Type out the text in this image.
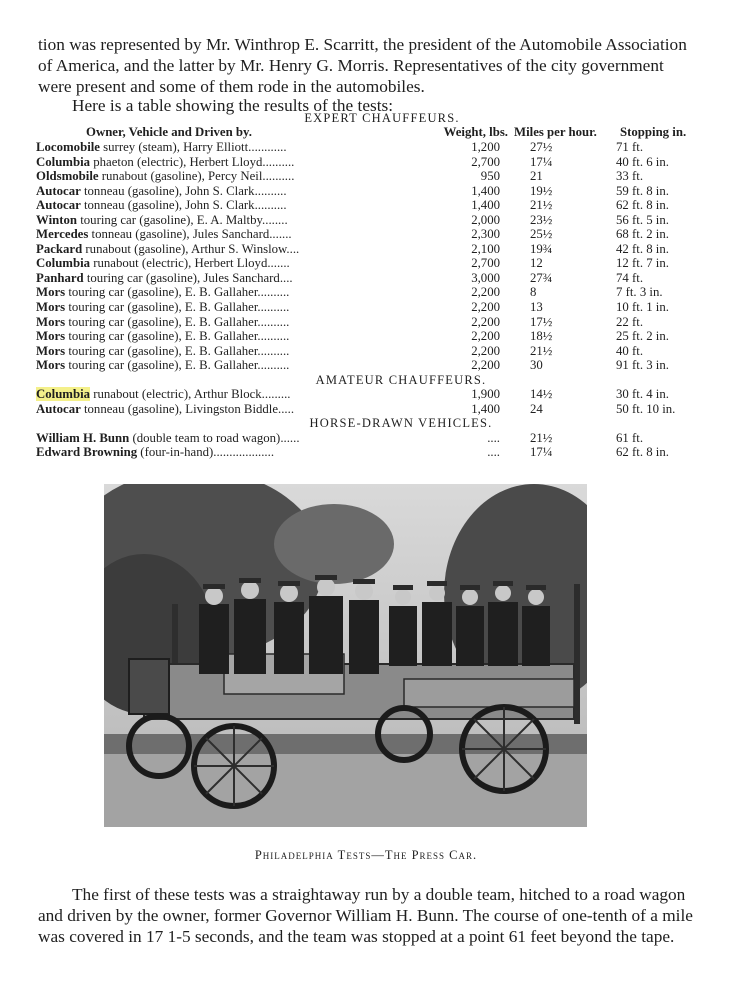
tion was represented by Mr. Winthrop E. Scarritt, the president of the Automobile Association of America, and the latter by Mr. Henry G. Morris. Representatives of the city government were present and some of them rode in the automobiles.

Here is a table showing the results of the tests:

EXPERT CHAUFFEURS.
Owner, Vehicle and Driven by.	Weight, lbs.	Miles per hour.	Stopping in.
Locomobile surrey (steam), Harry Elliott............	1,200	27½	71 ft.
Columbia phaeton (electric), Herbert Lloyd..........	2,700	17¼	40 ft. 6 in.
Oldsmobile runabout (gasoline), Percy Neil..........	950	21	33 ft.
Autocar tonneau (gasoline), John S. Clark..........	1,400	19½	59 ft. 8 in.
Autocar tonneau (gasoline), John S. Clark..........	1,400	21½	62 ft. 8 in.
Winton touring car (gasoline), E. A. Maltby........	2,000	23½	56 ft. 5 in.
Mercedes tonneau (gasoline), Jules Sanchard.......	2,300	25½	68 ft. 2 in.
Packard runabout (gasoline), Arthur S. Winslow....	2,100	19¾	42 ft. 8 in.
Columbia runabout (electric), Herbert Lloyd.......	2,700	12	12 ft. 7 in.
Panhard touring car (gasoline), Jules Sanchard....	3,000	27¾	74 ft.
Mors touring car (gasoline), E. B. Gallaher..........	2,200	8	7 ft. 3 in.
Mors touring car (gasoline), E. B. Gallaher..........	2,200	13	10 ft. 1 in.
Mors touring car (gasoline), E. B. Gallaher..........	2,200	17½	22 ft.
Mors touring car (gasoline), E. B. Gallaher..........	2,200	18½	25 ft. 2 in.
Mors touring car (gasoline), E. B. Gallaher..........	2,200	21½	40 ft.
Mors touring car (gasoline), E. B. Gallaher..........	2,200	30	91 ft. 3 in.
AMATEUR CHAUFFEURS.			
Columbia runabout (electric), Arthur Block.........	1,900	14½	30 ft. 4 in.
Autocar tonneau (gasoline), Livingston Biddle.....	1,400	24	50 ft. 10 in.
HORSE-DRAWN VEHICLES.			
William H. Bunn (double team to road wagon)......	....	21½	61 ft.
Edward Browning (four-in-hand)...................	....	17¼	62 ft. 8 in.
Philadelphia Tests—The Press Car.

The first of these tests was a straightaway run by a double team, hitched to a road wagon and driven by the owner, former Governor William H. Bunn. The course of one-tenth of a mile was covered in 17 1-5 seconds, and the team was stopped at a point 61 feet beyond the tape.
